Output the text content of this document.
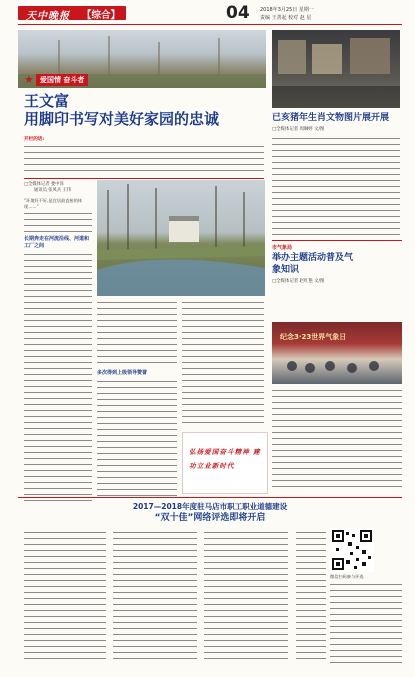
天中晚报 【综合】	04 2018年3月25日 星期一
责编 王善起 校对 赵 星
★ 爱国情 奋斗者
王文富
用脚印书写对美好家园的忠诚
开栏的话:
□全媒体记者 娄中泽
通讯员 张凤兵 王伟
“环境好不好,是宜居最直接的体现……”
长期奔走在河流沿线、河道和工厂之间
多次得到上级领导赞誉
弘扬爱国奋斗精神 建功立业新时代
已亥猪年生肖文物图片展开展
□全媒体记者 周琳婷 文/图
市气象局
举办主题活动普及气象知识
□全媒体记者 赵红艳 文/图
纪念3·23世界气象日
2017—2018年度驻马店市职工职业道德建设
“双十佳”网络评选即将开启
微信扫码参与评选
